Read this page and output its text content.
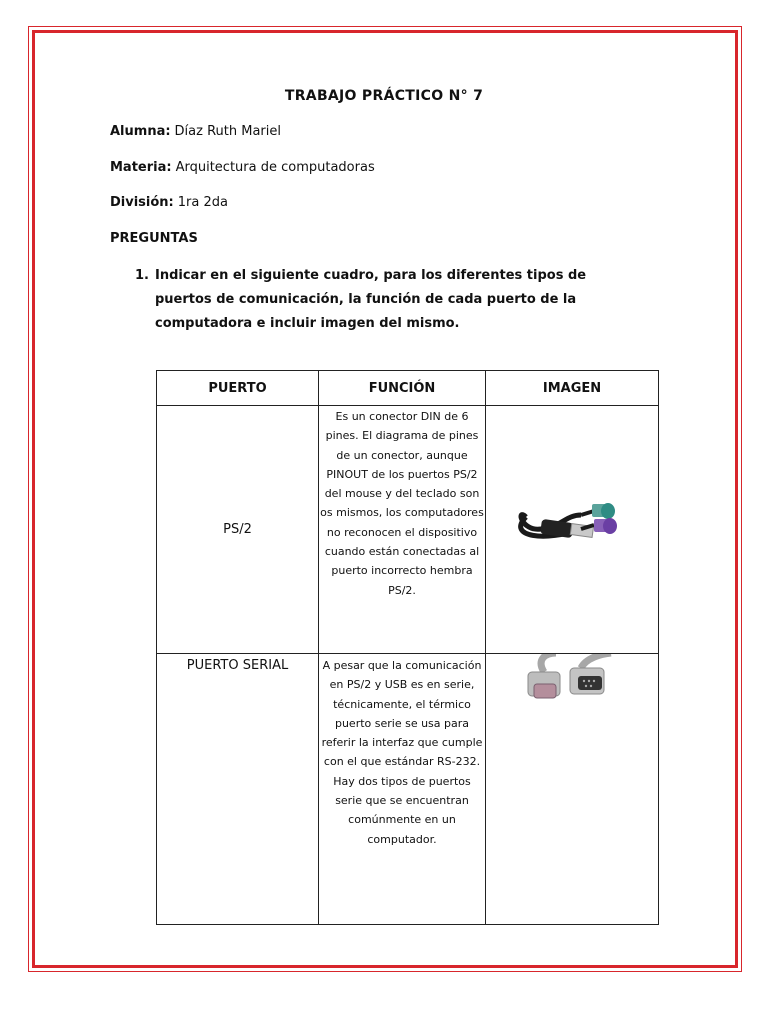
TRABAJO PRÁCTICO N° 7
Alumna: Díaz Ruth Mariel
Materia: Arquitectura de computadoras
División: 1ra 2da
PREGUNTAS
1. Indicar en el siguiente cuadro, para los diferentes tipos de puertos de comunicación, la función de cada puerto de la computadora e incluir imagen del mismo.
PUERTO	FUNCIÓN	IMAGEN
PS/2	Es un conector DIN de 6 pines. El diagrama de pines de un conector, aunque PINOUT de los puertos PS/2 del mouse y del teclado son os mismos, los computadores no reconocen el dispositivo cuando están conectadas al puerto incorrecto hembra PS/2.	

PUERTO SERIAL	A pesar que la comunicación en PS/2 y USB es en serie, técnicamente, el térmico puerto serie se usa para referir la interfaz que cumple con el que estándar RS-232. Hay dos tipos de puertos serie que se encuentran comúnmente en un computador.	
